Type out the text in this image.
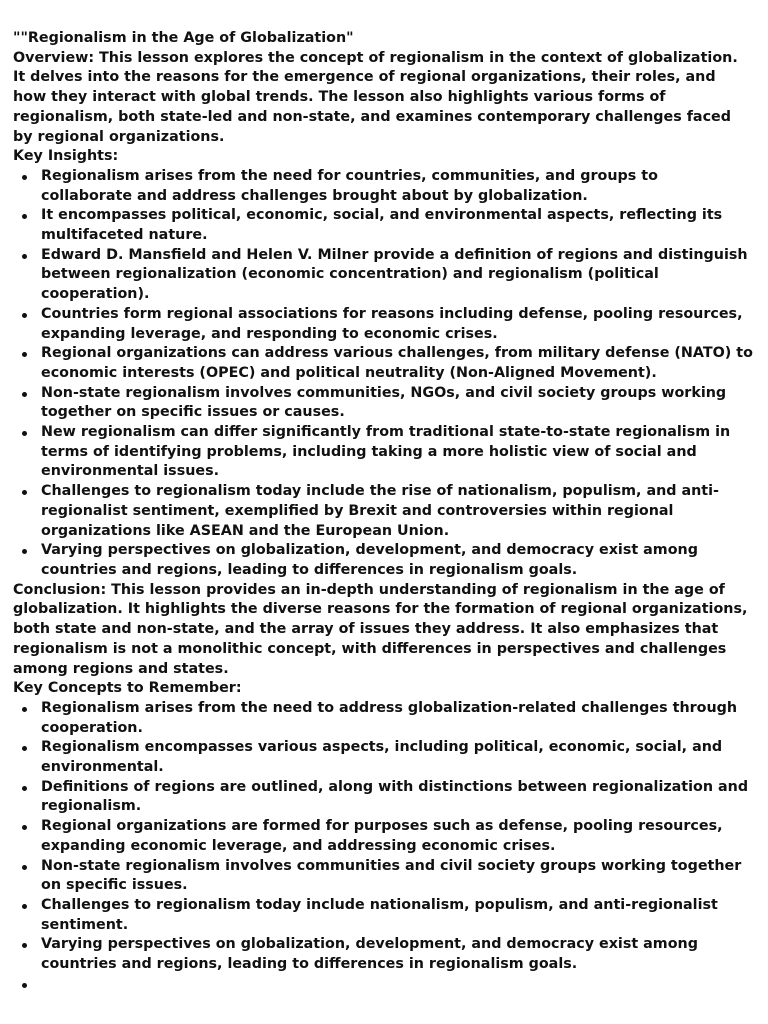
""Regionalism in the Age of Globalization"

Overview: This lesson explores the concept of regionalism in the context of globalization. It delves into the reasons for the emergence of regional organizations, their roles, and how they interact with global trends. The lesson also highlights various forms of regionalism, both state-led and non-state, and examines contemporary challenges faced by regional organizations.

Key Insights:

Regionalism arises from the need for countries, communities, and groups to collaborate and address challenges brought about by globalization.
It encompasses political, economic, social, and environmental aspects, reflecting its multifaceted nature.
Edward D. Mansfield and Helen V. Milner provide a definition of regions and distinguish between regionalization (economic concentration) and regionalism (political cooperation).
Countries form regional associations for reasons including defense, pooling resources, expanding leverage, and responding to economic crises.
Regional organizations can address various challenges, from military defense (NATO) to economic interests (OPEC) and political neutrality (Non-Aligned Movement).
Non-state regionalism involves communities, NGOs, and civil society groups working together on specific issues or causes.
New regionalism can differ significantly from traditional state-to-state regionalism in terms of identifying problems, including taking a more holistic view of social and environmental issues.
Challenges to regionalism today include the rise of nationalism, populism, and anti-regionalist sentiment, exemplified by Brexit and controversies within regional organizations like ASEAN and the European Union.
Varying perspectives on globalization, development, and democracy exist among countries and regions, leading to differences in regionalism goals.

Conclusion: This lesson provides an in-depth understanding of regionalism in the age of globalization. It highlights the diverse reasons for the formation of regional organizations, both state and non-state, and the array of issues they address. It also emphasizes that regionalism is not a monolithic concept, with differences in perspectives and challenges among regions and states.

Key Concepts to Remember:

Regionalism arises from the need to address globalization-related challenges through cooperation.
Regionalism encompasses various aspects, including political, economic, social, and environmental.
Definitions of regions are outlined, along with distinctions between regionalization and regionalism.
Regional organizations are formed for purposes such as defense, pooling resources, expanding economic leverage, and addressing economic crises.
Non-state regionalism involves communities and civil society groups working together on specific issues.
Challenges to regionalism today include nationalism, populism, and anti-regionalist sentiment.
Varying perspectives on globalization, development, and democracy exist among countries and regions, leading to differences in regionalism goals.
